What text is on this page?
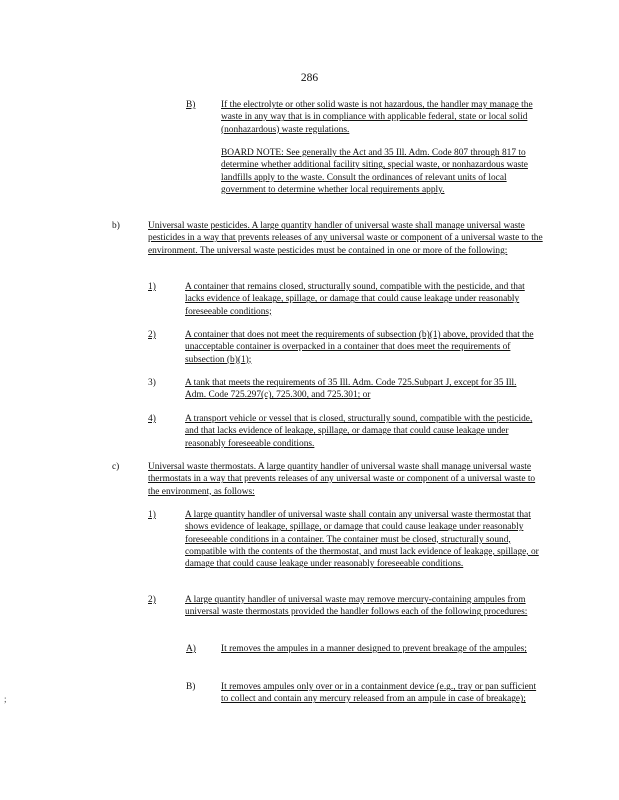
286
B)	If the electrolyte or other solid waste is not hazardous, the handler may manage the waste in any way that is in compliance with applicable federal, state or local solid (nonhazardous) waste regulations.
BOARD NOTE: See generally the Act and 35 Ill. Adm. Code 807 through 817 to determine whether additional facility siting, special waste, or nonhazardous waste landfills apply to the waste. Consult the ordinances of relevant units of local government to determine whether local requirements apply.
b)	Universal waste pesticides. A large quantity handler of universal waste shall manage universal waste pesticides in a way that prevents releases of any universal waste or component of a universal waste to the environment. The universal waste pesticides must be contained in one or more of the following:
1)	A container that remains closed, structurally sound, compatible with the pesticide, and that lacks evidence of leakage, spillage, or damage that could cause leakage under reasonably foreseeable conditions;
2)	A container that does not meet the requirements of subsection (b)(1) above, provided that the unacceptable container is overpacked in a container that does meet the requirements of subsection (b)(1);
3)	A tank that meets the requirements of 35 Ill. Adm. Code 725.Subpart J, except for 35 Ill. Adm. Code 725.297(c), 725.300, and 725.301; or
4)	A transport vehicle or vessel that is closed, structurally sound, compatible with the pesticide, and that lacks evidence of leakage, spillage, or damage that could cause leakage under reasonably foreseeable conditions.
c)	Universal waste thermostats. A large quantity handler of universal waste shall manage universal waste thermostats in a way that prevents releases of any universal waste or component of a universal waste to the environment, as follows:
1)	A large quantity handler of universal waste shall contain any universal waste thermostat that shows evidence of leakage, spillage, or damage that could cause leakage under reasonably foreseeable conditions in a container. The container must be closed, structurally sound, compatible with the contents of the thermostat, and must lack evidence of leakage, spillage, or damage that could cause leakage under reasonably foreseeable conditions.
2)	A large quantity handler of universal waste may remove mercury-containing ampules from universal waste thermostats provided the handler follows each of the following procedures:
A)	It removes the ampules in a manner designed to prevent breakage of the ampules;
B)	It removes ampules only over or in a containment device (e.g., tray or pan sufficient to collect and contain any mercury released from an ampule in case of breakage);
;
